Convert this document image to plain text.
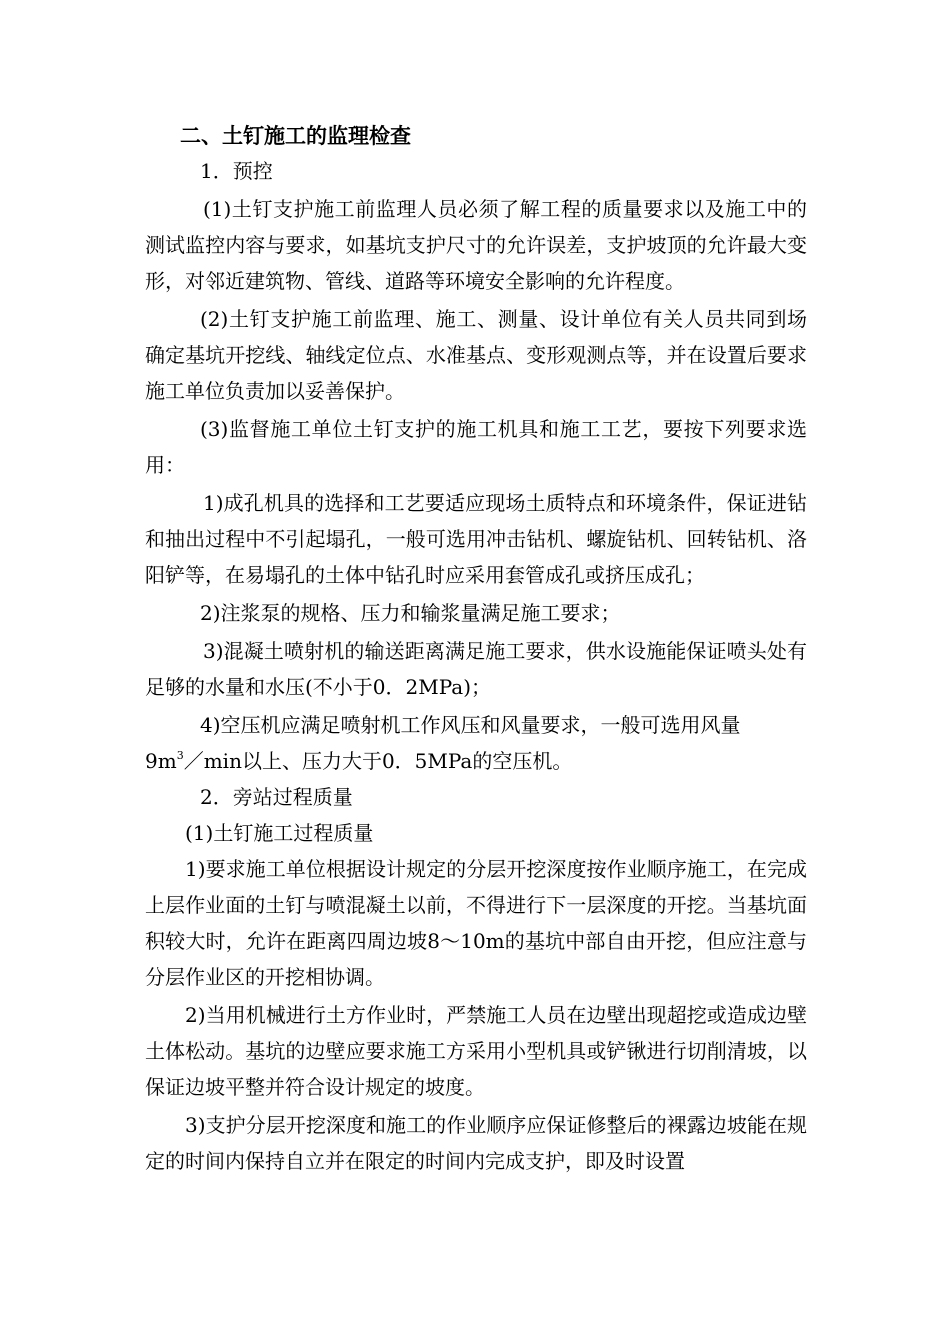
二、土钉施工的监理检查

1．预控

(1)土钉支护施工前监理人员必须了解工程的质量要求以及施工中的测试监控内容与要求，如基坑支护尺寸的允许误差，支护坡顶的允许最大变形，对邻近建筑物、管线、道路等环境安全影响的允许程度。

(2)土钉支护施工前监理、施工、测量、设计单位有关人员共同到场确定基坑开挖线、轴线定位点、水准基点、变形观测点等，并在设置后要求施工单位负责加以妥善保护。

(3)监督施工单位土钉支护的施工机具和施工工艺，要按下列要求选用：

1)成孔机具的选择和工艺要适应现场土质特点和环境条件，保证进钻和抽出过程中不引起塌孔，一般可选用冲击钻机、螺旋钻机、回转钻机、洛阳铲等，在易塌孔的土体中钻孔时应采用套管成孔或挤压成孔；

2)注浆泵的规格、压力和输浆量满足施工要求；

3)混凝土喷射机的输送距离满足施工要求，供水设施能保证喷头处有足够的水量和水压(不小于0．2MPa)；

4)空压机应满足喷射机工作风压和风量要求，一般可选用风量

$9m^3/\min$以上、压力大于0．5MPa的空压机。

2．旁站过程质量

(1)土钉施工过程质量

1)要求施工单位根据设计规定的分层开挖深度按作业顺序施工，在完成上层作业面的土钉与喷混凝土以前，不得进行下一层深度的开挖。当基坑面积较大时，允许在距离四周边坡8～10m的基坑中部自由开挖，但应注意与分层作业区的开挖相协调。

2)当用机械进行土方作业时，严禁施工人员在边壁出现超挖或造成边壁土体松动。基坑的边壁应要求施工方采用小型机具或铲锹进行切削清坡，以保证边坡平整并符合设计规定的坡度。

3)支护分层开挖深度和施工的作业顺序应保证修整后的裸露边坡能在规定的时间内保持自立并在限定的时间内完成支护，即及时设置
